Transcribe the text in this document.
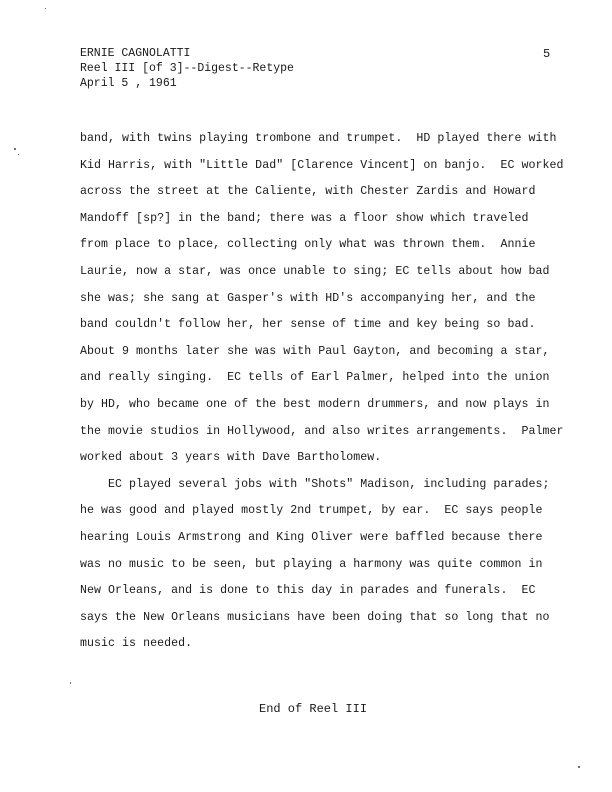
ERNIE CAGNOLATTI
Reel III [of 3]--Digest--Retype
April 5 , 1961
5
band, with twins playing trombone and trumpet.  HD played there with
Kid Harris, with "Little Dad" [Clarence Vincent] on banjo.  EC worked
across the street at the Caliente, with Chester Zardis and Howard
Mandoff [sp?] in the band; there was a floor show which traveled
from place to place, collecting only what was thrown them.  Annie
Laurie, now a star, was once unable to sing; EC tells about how bad
she was; she sang at Gasper's with HD's accompanying her, and the
band couldn't follow her, her sense of time and key being so bad.
About 9 months later she was with Paul Gayton, and becoming a star,
and really singing.  EC tells of Earl Palmer, helped into the union
by HD, who became one of the best modern drummers, and now plays in
the movie studios in Hollywood, and also writes arrangements.  Palmer
worked about 3 years with Dave Bartholomew.
EC played several jobs with "Shots" Madison, including parades;
he was good and played mostly 2nd trumpet, by ear.  EC says people
hearing Louis Armstrong and King Oliver were baffled because there
was no music to be seen, but playing a harmony was quite common in
New Orleans, and is done to this day in parades and funerals.  EC
says the New Orleans musicians have been doing that so long that no
music is needed.
End of Reel III
